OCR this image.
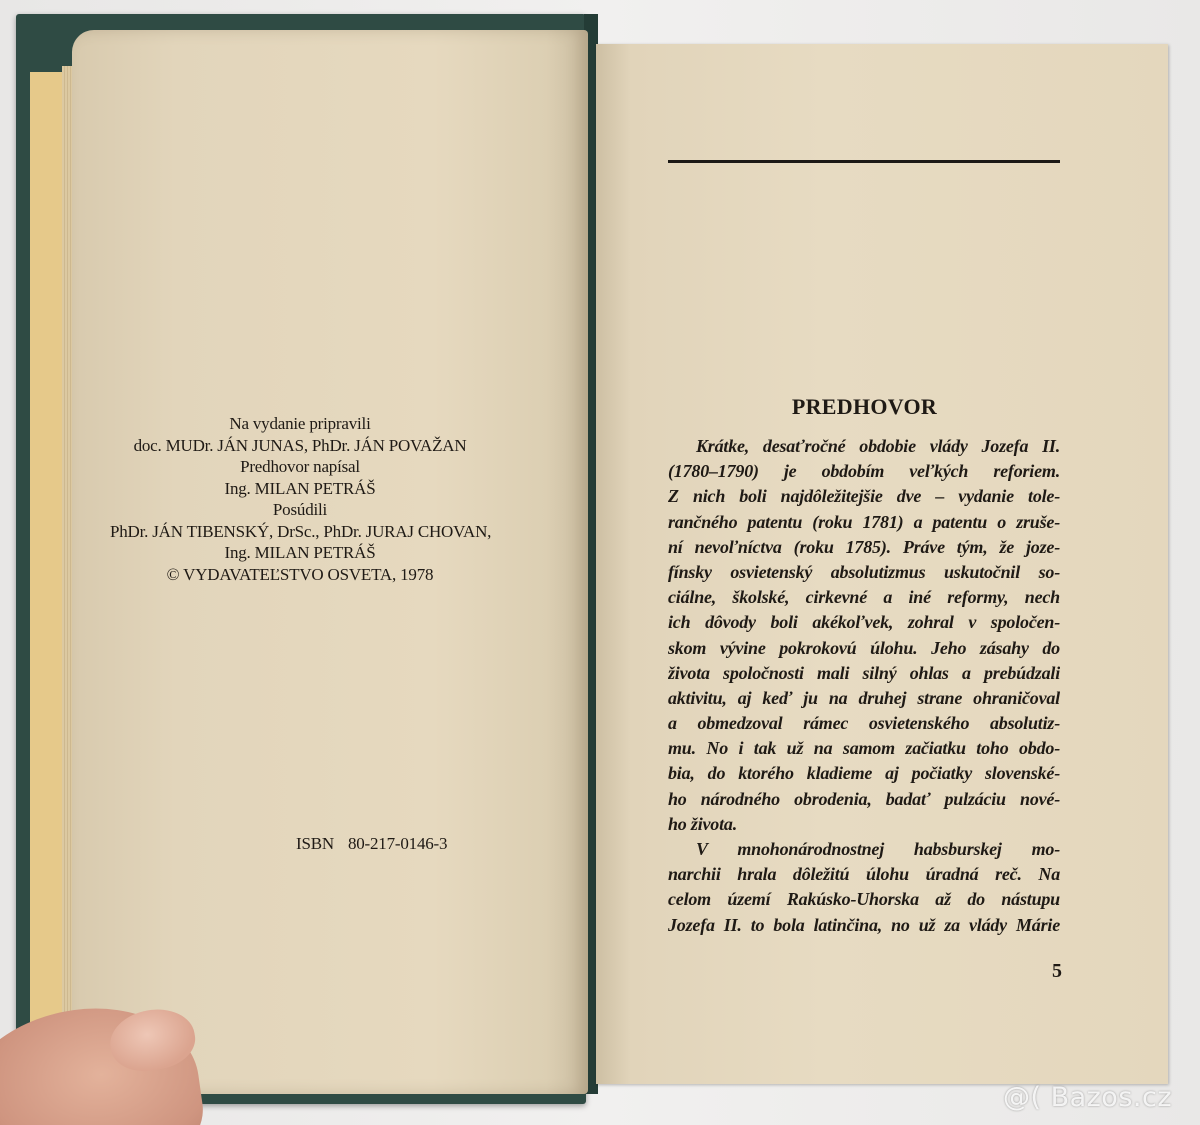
Na vydanie pripravili
doc. MUDr. JÁN JUNAS, PhDr. JÁN POVAŽAN
Predhovor napísal
Ing. MILAN PETRÁŠ
Posúdili
PhDr. JÁN TIBENSKÝ, DrSc., PhDr. JURAJ CHOVAN,
Ing. MILAN PETRÁŠ
© VYDAVATEĽSTVO OSVETA, 1978
ISBN 80-217-0146-3
PREDHOVOR
Krátke, desaťročné obdobie vlády Jozefa II.
(1780–1790) je obdobím veľkých reforiem.
Z nich boli najdôležitejšie dve – vydanie tole-
rančného patentu (roku 1781) a patentu o zruše-
ní nevoľníctva (roku 1785). Práve tým, že joze-
fínsky osvietenský absolutizmus uskutočnil so-
ciálne, školské, cirkevné a iné reformy, nech
ich dôvody boli akékoľvek, zohral v spoločen-
skom vývine pokrokovú úlohu. Jeho zásahy do
života spoločnosti mali silný ohlas a prebúdzali
aktivitu, aj keď ju na druhej strane ohraničoval
a obmedzoval rámec osvietenského absolutiz-
mu. No i tak už na samom začiatku toho obdo-
bia, do ktorého kladieme aj počiatky slovenské-
ho národného obrodenia, badať pulzáciu nové-
ho života.
V mnohonárodnostnej habsburskej mo-
narchii hrala dôležitú úlohu úradná reč. Na
celom území Rakúsko-Uhorska až do nástupu
Jozefa II. to bola latinčina, no už za vlády Márie
5
@( Bazos.cz
